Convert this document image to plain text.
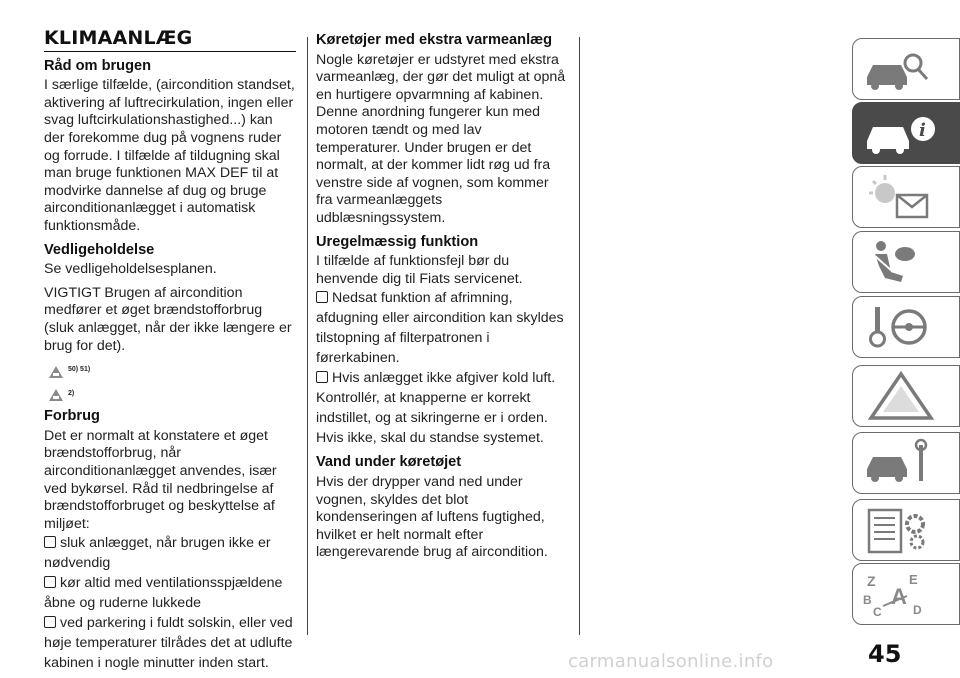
KLIMAANLÆG
Råd om brugen

I særlige tilfælde, (aircondition standset, aktivering af luftrecirkulation, ingen eller svag luftcirkulationshastighed...) kan der forekomme dug på vognens ruder og forrude. I tilfælde af tildugning skal man bruge funktionen MAX DEF til at modvirke dannelse af dug og bruge airconditionanlægget i automatisk funktionsmåde.

Vedligeholdelse

Se vedligeholdelsesplanen.

VIGTIGT Brugen af aircondition medfører et øget brændstofforbrug (sluk anlægget, når der ikke længere er brug for det).

50) 51)
2)
Forbrug

Det er normalt at konstatere et øget brændstofforbrug, når airconditionanlægget anvendes, især ved bykørsel. Råd til nedbringelse af brændstofforbruget og beskyttelse af miljøet:

sluk anlægget, når brugen ikke er

nødvendig

kør altid med ventilationsspjældene

åbne og ruderne lukkede

ved parkering i fuldt solskin, eller ved

høje temperaturer tilrådes det at udlufte

kabinen i nogle minutter inden start.

Køretøjer med ekstra varmeanlæg

Nogle køretøjer er udstyret med ekstra varmeanlæg, der gør det muligt at opnå en hurtigere opvarmning af kabinen. Denne anordning fungerer kun med motoren tændt og med lav temperaturer. Under brugen er det normalt, at der kommer lidt røg ud fra venstre side af vognen, som kommer fra varmeanlæggets udblæsningssystem.

Uregelmæssig funktion

I tilfælde af funktionsfejl bør du henvende dig til Fiats servicenet.

Nedsat funktion af afrimning,

afdugning eller aircondition kan skyldes

tilstopning af filterpatronen i førerkabinen.

Hvis anlægget ikke afgiver kold luft.

Kontrollér, at knapperne er korrekt

indstillet, og at sikringerne er i orden.

Hvis ikke, skal du standse systemet.

Vand under køretøjet

Hvis der drypper vand ned under vognen, skyldes det blot kondenseringen af luftens fugtighed, hvilket er helt normalt efter længerevarende brug af aircondition.

i
Z	E
B
C	D
A
45
carmanualsonline.info
